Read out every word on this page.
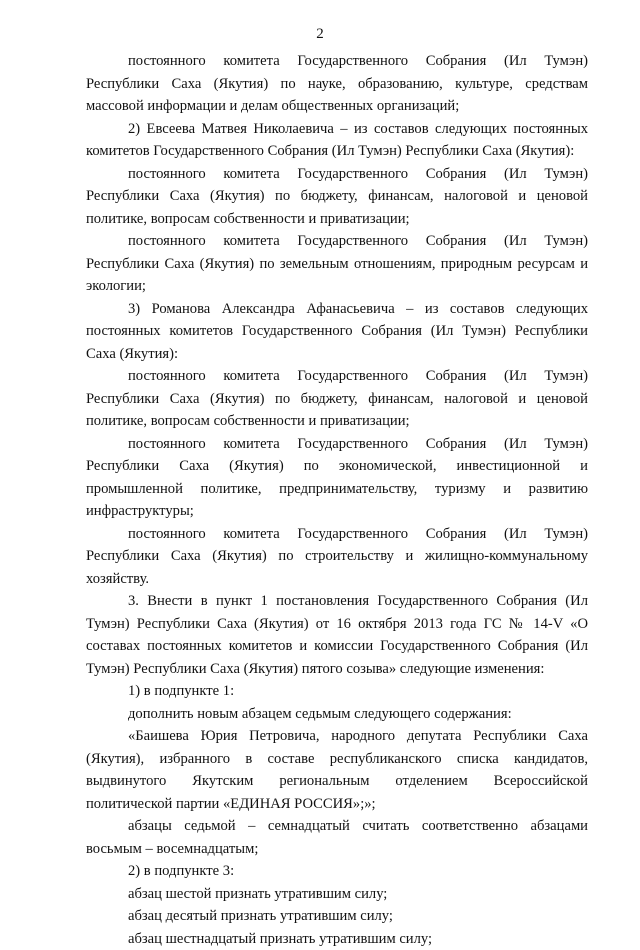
2

постоянного комитета Государственного Собрания (Ил Тумэн) Республики Саха (Якутия) по науке, образованию, культуре, средствам массовой информации и делам общественных организаций;

2) Евсеева Матвея Николаевича – из составов следующих постоянных комитетов Государственного Собрания (Ил Тумэн) Республики Саха (Якутия):

постоянного комитета Государственного Собрания (Ил Тумэн) Республики Саха (Якутия) по бюджету, финансам, налоговой и ценовой политике, вопросам собственности и приватизации;

постоянного комитета Государственного Собрания (Ил Тумэн) Республики Саха (Якутия) по земельным отношениям, природным ресурсам и экологии;

3) Романова Александра Афанасьевича – из составов следующих постоянных комитетов Государственного Собрания (Ил Тумэн) Республики Саха (Якутия):

постоянного комитета Государственного Собрания (Ил Тумэн) Республики Саха (Якутия) по бюджету, финансам, налоговой и ценовой политике, вопросам собственности и приватизации;

постоянного комитета Государственного Собрания (Ил Тумэн) Республики Саха (Якутия) по экономической, инвестиционной и промышленной политике, предпринимательству, туризму и развитию инфраструктуры;

постоянного комитета Государственного Собрания (Ил Тумэн) Республики Саха (Якутия) по строительству и жилищно-коммунальному хозяйству.

3. Внести в пункт 1 постановления Государственного Собрания (Ил Тумэн) Республики Саха (Якутия) от 16 октября 2013 года ГС № 14-V «О составах постоянных комитетов и комиссии Государственного Собрания (Ил Тумэн) Республики Саха (Якутия) пятого созыва» следующие изменения:

1) в подпункте 1:

дополнить новым абзацем седьмым следующего содержания:

«Баишева Юрия Петровича, народного депутата Республики Саха (Якутия), избранного в составе республиканского списка кандидатов, выдвинутого Якутским региональным отделением Всероссийской политической партии «ЕДИНАЯ РОССИЯ»;»;

абзацы седьмой – семнадцатый считать соответственно абзацами восьмым – восемнадцатым;

2) в подпункте 3:

абзац шестой признать утратившим силу;

абзац десятый признать утратившим силу;

абзац шестнадцатый признать утратившим силу;
